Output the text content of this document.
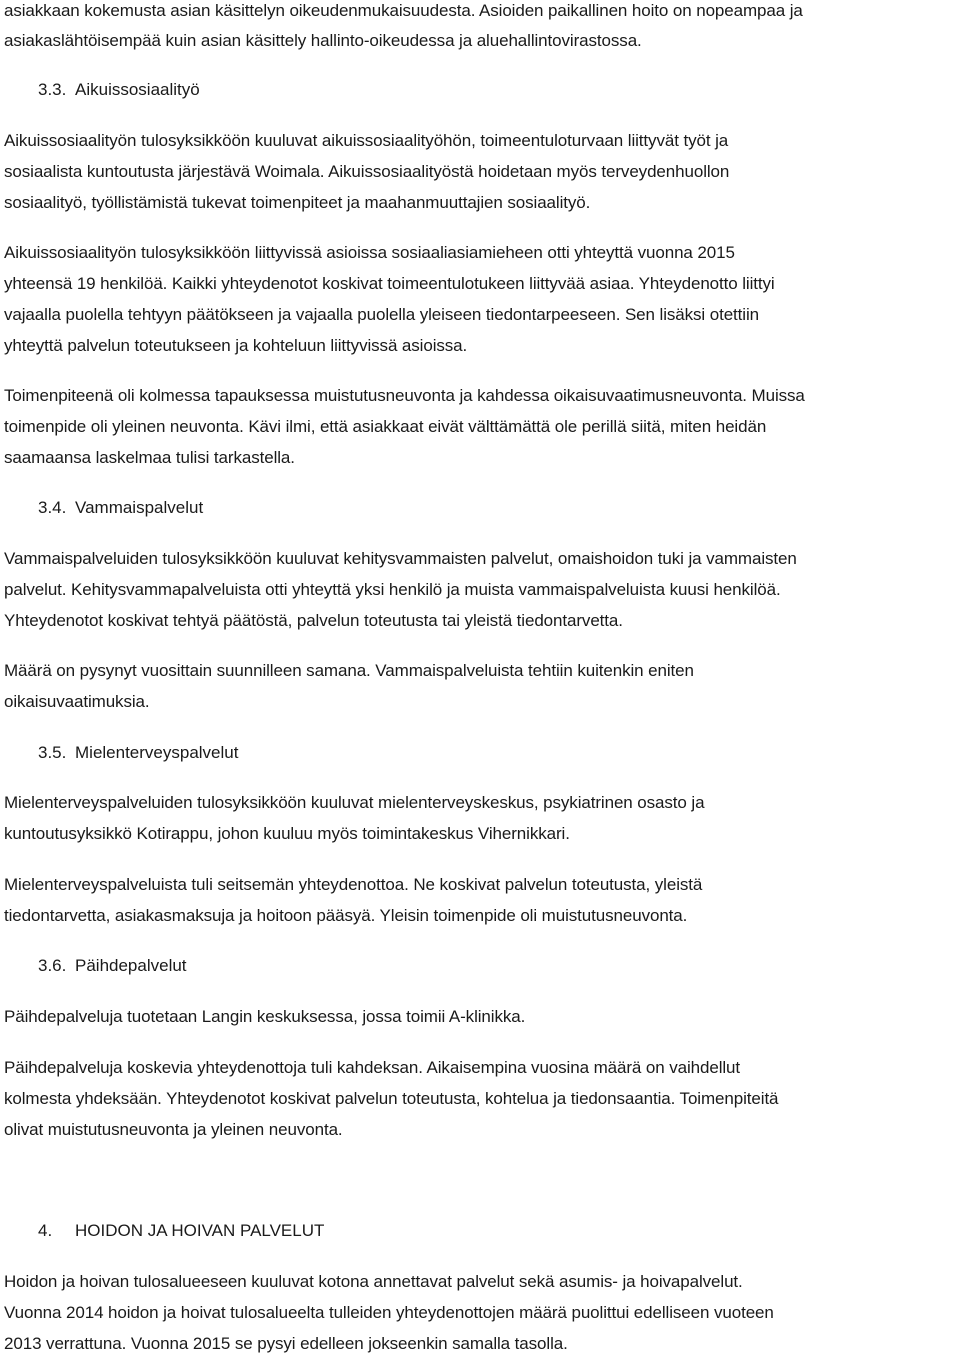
asiakkaan kokemusta asian käsittelyn oikeudenmukaisuudesta. Asioiden paikallinen hoito on nopeampaa ja
asiakaslähtöisempää kuin asian käsittely hallinto-oikeudessa ja aluehallintovirastossa.
3.3. Aikuissosiaalityö
Aikuissosiaalityön tulosyksikköön kuuluvat aikuissosiaalityöhön, toimeentuloturvaan liittyvät työt ja
sosiaalista kuntoutusta järjestävä Woimala. Aikuissosiaalityöstä hoidetaan myös terveydenhuollon
sosiaalityö, työllistämistä tukevat toimenpiteet ja maahanmuuttajien sosiaalityö.
Aikuissosiaalityön tulosyksikköön liittyvissä asioissa sosiaaliasiamieheen otti yhteyttä vuonna 2015
yhteensä 19 henkilöä. Kaikki yhteydenotot koskivat toimeentulotukeen liittyvää asiaa. Yhteydenotto liittyi
vajaalla puolella tehtyyn päätökseen ja vajaalla puolella yleiseen tiedontarpeeseen. Sen lisäksi otettiin
yhteyttä palvelun toteutukseen ja kohteluun liittyvissä asioissa.
Toimenpiteenä oli kolmessa tapauksessa muistutusneuvonta ja kahdessa oikaisuvaatimusneuvonta. Muissa
toimenpide oli yleinen neuvonta. Kävi ilmi, että asiakkaat eivät välttämättä ole perillä siitä, miten heidän
saamaansa laskelmaa tulisi tarkastella.
3.4. Vammaispalvelut
Vammaispalveluiden tulosyksikköön kuuluvat kehitysvammaisten palvelut, omaishoidon tuki ja vammaisten
palvelut. Kehitysvammapalveluista otti yhteyttä yksi henkilö ja muista vammaispalveluista kuusi henkilöä.
Yhteydenotot koskivat tehtyä päätöstä, palvelun toteutusta tai yleistä tiedontarvetta.
Määrä on pysynyt vuosittain suunnilleen samana. Vammaispalveluista tehtiin kuitenkin eniten
oikaisuvaatimuksia.
3.5. Mielenterveyspalvelut
Mielenterveyspalveluiden tulosyksikköön kuuluvat mielenterveyskeskus, psykiatrinen osasto ja
kuntoutusyksikkö Kotirappu, johon kuuluu myös toimintakeskus Vihernikkari.
Mielenterveyspalveluista tuli seitsemän yhteydenottoa. Ne koskivat palvelun toteutusta, yleistä
tiedontarvetta, asiakasmaksuja ja hoitoon pääsyä. Yleisin toimenpide oli muistutusneuvonta.
3.6. Päihdepalvelut
Päihdepalveluja tuotetaan Langin keskuksessa, jossa toimii A-klinikka.
Päihdepalveluja koskevia yhteydenottoja tuli kahdeksan. Aikaisempina vuosina määrä on vaihdellut
kolmesta yhdeksään. Yhteydenotot koskivat palvelun toteutusta, kohtelua ja tiedonsaantia. Toimenpiteitä
olivat muistutusneuvonta ja yleinen neuvonta.
4. HOIDON JA HOIVAN PALVELUT
Hoidon ja hoivan tulosalueeseen kuuluvat kotona annettavat palvelut sekä asumis- ja hoivapalvelut.
Vuonna 2014 hoidon ja hoivat tulosalueelta tulleiden yhteydenottojen määrä puolittui edelliseen vuoteen
2013 verrattuna. Vuonna 2015 se pysyi edelleen jokseenkin samalla tasolla.
